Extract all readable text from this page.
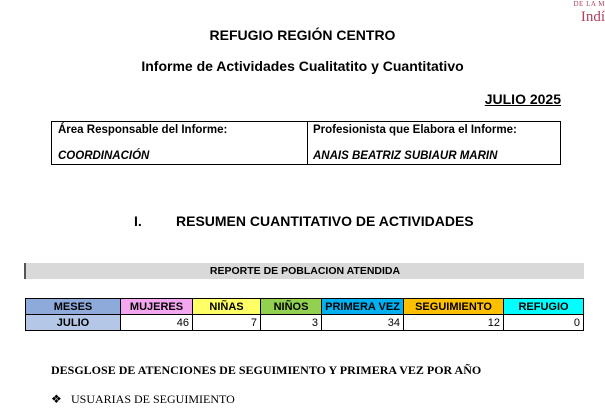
DE LA M
Indí
REFUGIO REGIÓN CENTRO
Informe de Actividades Cualitatito y Cuantitativo
JULIO 2025
Área Responsable del Informe:
COORDINACIÓN
Profesionista que Elabora el Informe:
ANAIS BEATRIZ SUBIAUR MARIN
I. RESUMEN CUANTITATIVO DE ACTIVIDADES
REPORTE DE POBLACION ATENDIDA
MESES	MUJERES	NIÑAS	NIÑOS	PRIMERA VEZ	SEGUIMIENTO	REFUGIO
JULIO	46	7	3	34	12	0
DESGLOSE DE ATENCIONES DE SEGUIMIENTO Y PRIMERA VEZ POR AÑO
❖ USUARIAS DE SEGUIMIENTO
